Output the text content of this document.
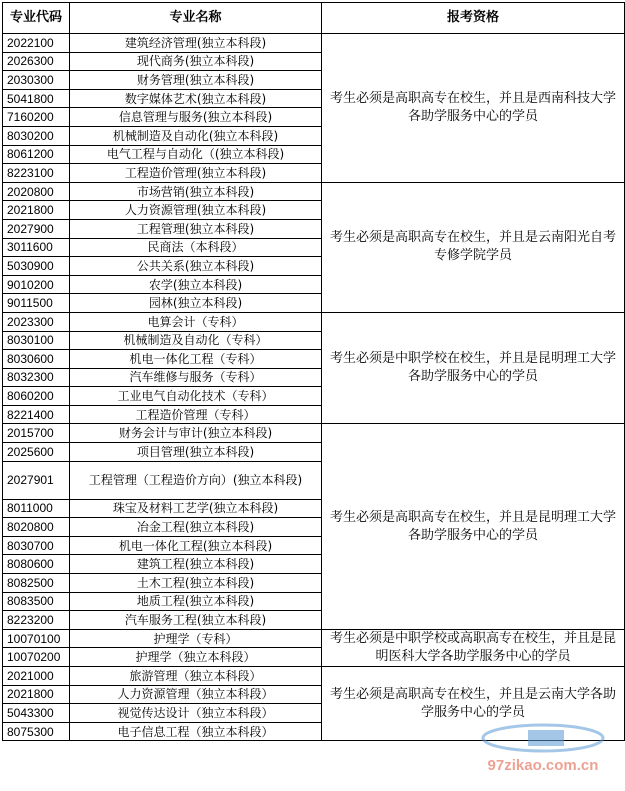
专业代码	专业名称	报考资格
2022100	建筑经济管理(独立本科段)	考生必须是高职高专在校生，并且是西南科技大学各助学服务中心的学员
2026300	现代商务(独立本科段)	
2030300	财务管理(独立本科段)	
5041800	数字媒体艺术(独立本科段)	
7160200	信息管理与服务(独立本科段)	
8030200	机械制造及自动化(独立本科段)	
8061200	电气工程与自动化（(独立本科段)	
8223100	工程造价管理(独立本科段)	
2020800	市场营销(独立本科段)	考生必须是高职高专在校生，并且是云南阳光自考专修学院学员
2021800	人力资源管理(独立本科段)	
2027900	工程管理(独立本科段)	
3011600	民商法（本科段）	
5030900	公共关系(独立本科段)	
9010200	农学(独立本科段)	
9011500	园林(独立本科段)	
2023300	电算会计（专科）	考生必须是中职学校在校生，并且是昆明理工大学各助学服务中心的学员
8030100	机械制造及自动化（专科）	
8030600	机电一体化工程（专科）	
8032300	汽车维修与服务（专科）	
8060200	工业电气自动化技术（专科）	
8221400	工程造价管理（专科）	
2015700	财务会计与审计(独立本科段)	考生必须是高职高专在校生，并且是昆明理工大学各助学服务中心的学员
2025600	项目管理(独立本科段)	
2027901	工程管理（工程造价方向）(独立本科段)	
8011000	珠宝及材料工艺学(独立本科段)	
8020800	冶金工程(独立本科段)	
8030700	机电一体化工程(独立本科段)	
8080600	建筑工程(独立本科段)	
8082500	土木工程(独立本科段)	
8083500	地质工程(独立本科段)	
8223200	汽车服务工程(独立本科段)	
10070100	护理学（专科）	考生必须是中职学校或高职高专在校生，并且是昆明医科大学各助学服务中心的学员
10070200	护理学（独立本科段）	
2021000	旅游管理（独立本科段）	考生必须是高职高专在校生，并且是云南大学各助学服务中心的学员
2021800	人力资源管理（独立本科段）	
5043300	视觉传达设计（独立本科段）	
8075300	电子信息工程（独立本科段）	
97zikao.com.cn
